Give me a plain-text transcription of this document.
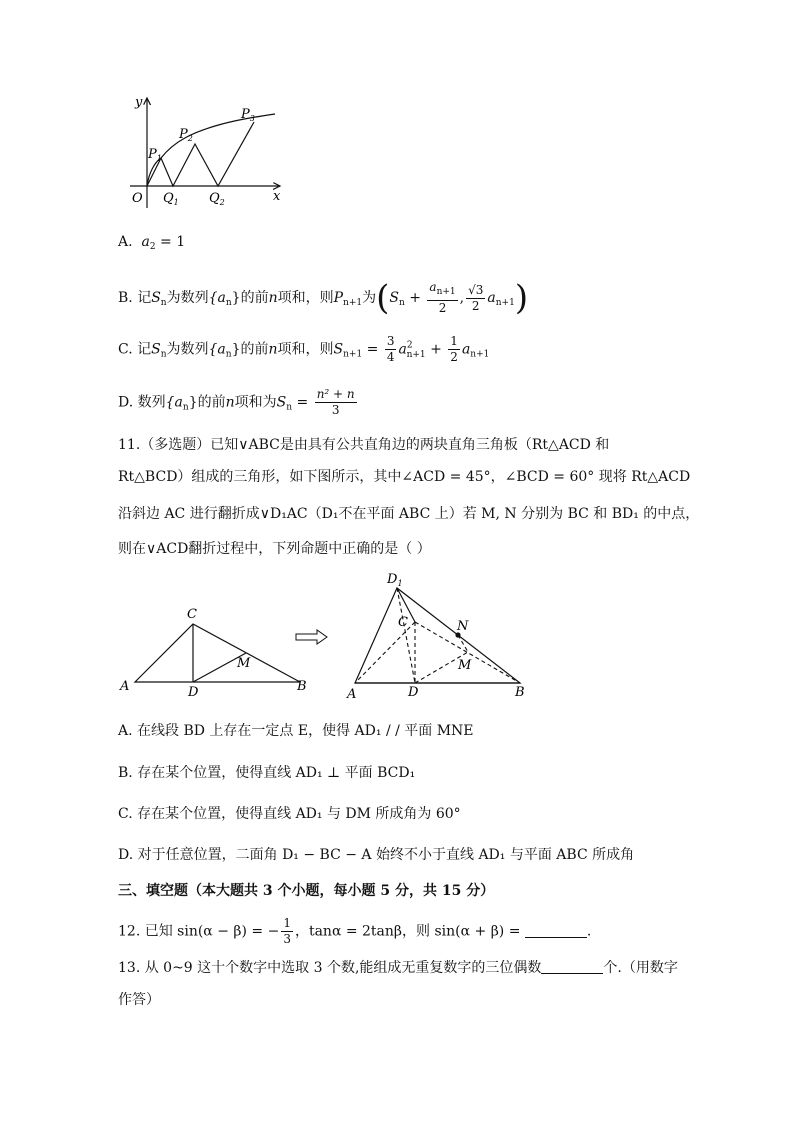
y
x
O
$P_1$
$P_2$
$P_3$
$Q_1$ $Q_2$
A. $a_2 = 1$
B. 记$S_n$为数列$\{a_n\}$的前n项和，则$P_{n+1}$为($S_n + \frac{a_{n+1}}{2}$ , $\frac{√3}{2} a_{n+1}$)
C. 记$S_n$为数列$\{a_n\}$的前n项和，则$S_{n+1} = \frac{3}{4} a^2_{n+1} + \frac{1}{2} a_{n+1}$
D. 数列$\{a_n\}$的前n项和为$S_n = \frac{\text{n² + n}}{3}$
11.（多选题）已知∨ABC是由具有公共直角边的两块直角三角板（Rt△ACD 和
Rt△BCD）组成的三角形，如下图所示，其中∠ACD = 45°，∠BCD = 60° 现将 Rt△ACD
沿斜边 AC 进行翻折成∨D₁AC（D₁不在平面 ABC 上）若 M, N 分别为 BC 和 BD₁ 的中点，
则在∨ACD翻折过程中，下列命题中正确的是（ ）
C
A	D	B
M
$D_1$
C	N
M
A	D	B
A. 在线段 BD 上存在一定点 E，使得 AD₁ / / 平面 MNE
B. 存在某个位置，使得直线 AD₁ ⊥ 平面 BCD₁
C. 存在某个位置，使得直线 AD₁ 与 DM 所成角为 60°
D. 对于任意位置，二面角 D₁ − BC − A 始终不小于直线 AD₁ 与平面 ABC 所成角
三、填空题（本大题共 3 个小题，每小题 5 分，共 15 分）
12. 已知 sin(α − β) = − $\frac{1}{3}$ ，tanα = 2tanβ，则 sin(α + β) =	.
13. 从 0~9 这十个数字中选取 3 个数,能组成无重复数字的三位偶数	个.（用数字
作答）
